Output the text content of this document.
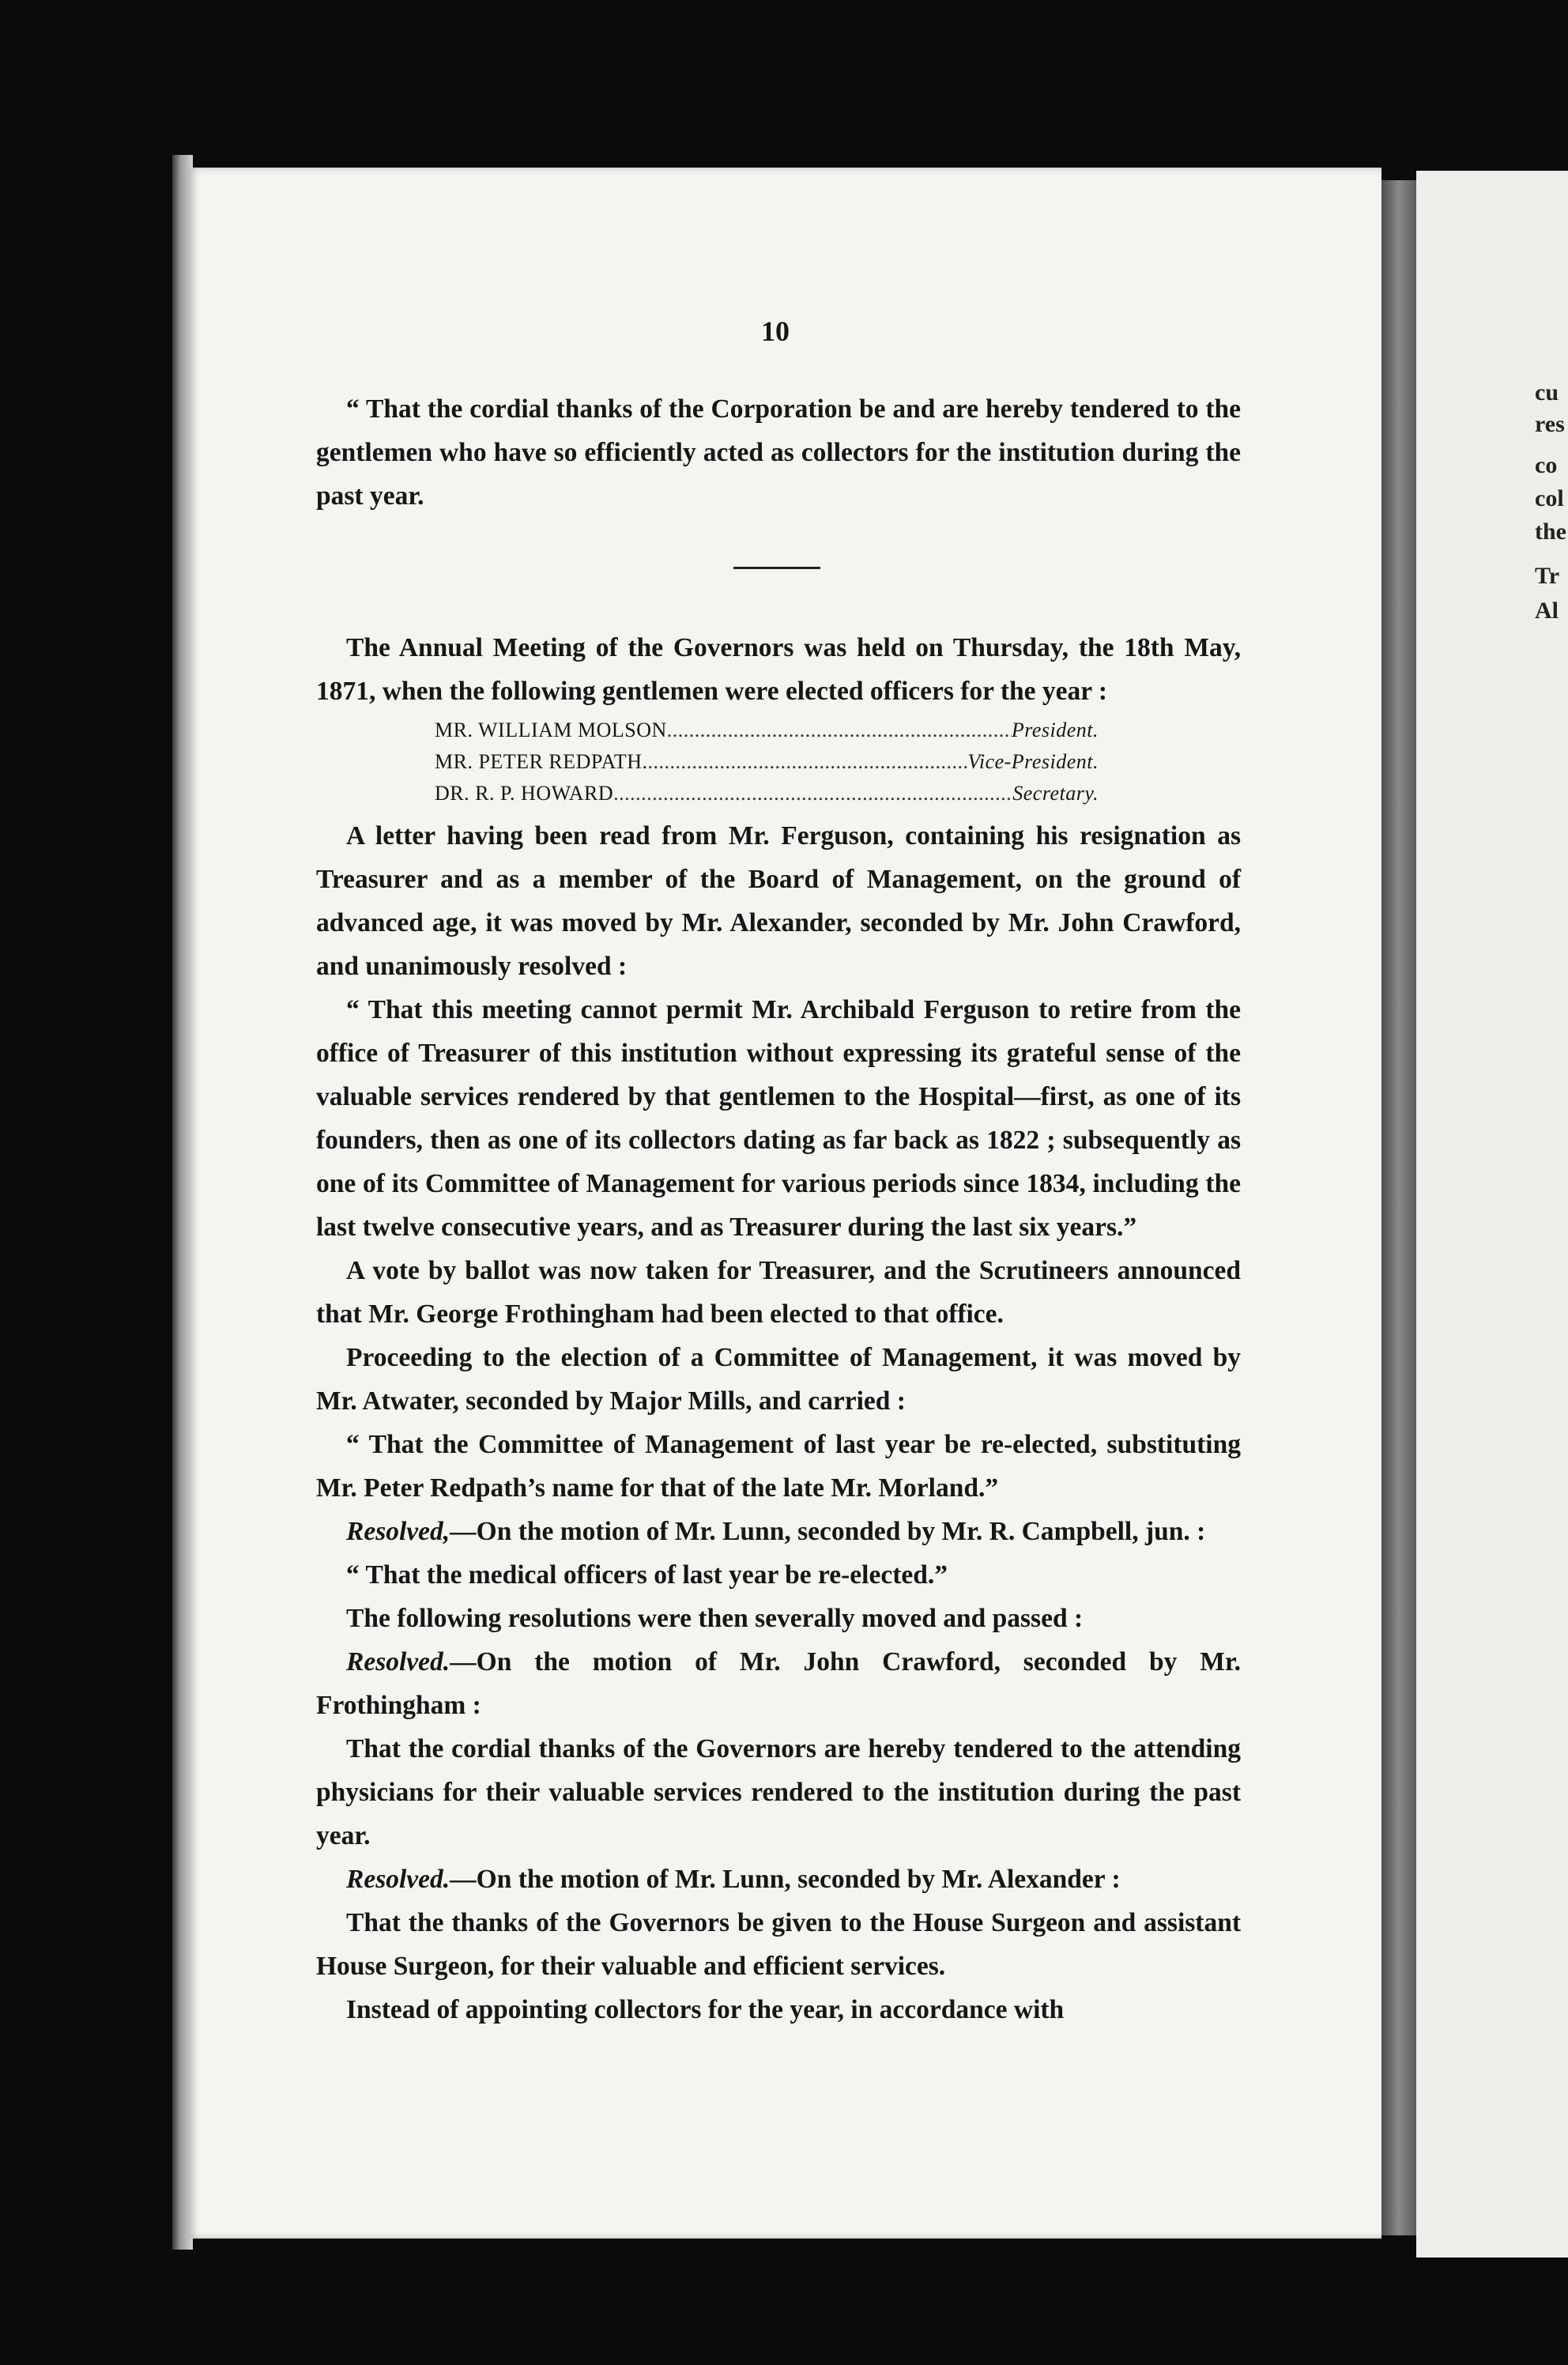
cu
res
co
col
the
Tr
Al
10

“ That the cordial thanks of the Corporation be and are hereby tendered to the gentlemen who have so efficiently acted as collectors for the institution during the past year.

The Annual Meeting of the Governors was held on Thursday, the 18th May, 1871, when the following gentlemen were elected officers for the year :

MR. WILLIAM MOLSON .....	President.
MR. PETER REDPATH. .....	Vice-President.
DR. R. P. HOWARD .....	Secretary.

A letter having been read from Mr. Ferguson, containing his resignation as Treasurer and as a member of the Board of Management, on the ground of advanced age, it was moved by Mr. Alexander, seconded by Mr. John Crawford, and unanimously resolved :

“ That this meeting cannot permit Mr. Archibald Ferguson to retire from the office of Treasurer of this institution without expressing its grateful sense of the valuable services rendered by that gentlemen to the Hospital—first, as one of its founders, then as one of its collectors dating as far back as 1822 ; subsequently as one of its Committee of Management for various periods since 1834, including the last twelve consecutive years, and as Treasurer during the last six years.”

A vote by ballot was now taken for Treasurer, and the Scrutineers announced that Mr. George Frothingham had been elected to that office.

Proceeding to the election of a Committee of Management, it was moved by Mr. Atwater, seconded by Major Mills, and carried :

“ That the Committee of Management of last year be re-elected, substituting Mr. Peter Redpath’s name for that of the late Mr. Morland.”

Resolved,—On the motion of Mr. Lunn, seconded by Mr. R. Campbell, jun. :

“ That the medical officers of last year be re-elected.”

The following resolutions were then severally moved and passed :

Resolved.—On the motion of Mr. John Crawford, seconded by Mr. Frothingham :

That the cordial thanks of the Governors are hereby tendered to the attending physicians for their valuable services rendered to the institution during the past year.

Resolved.—On the motion of Mr. Lunn, seconded by Mr. Alexander :

That the thanks of the Governors be given to the House Surgeon and assistant House Surgeon, for their valuable and efficient services.

Instead of appointing collectors for the year, in accordance with
